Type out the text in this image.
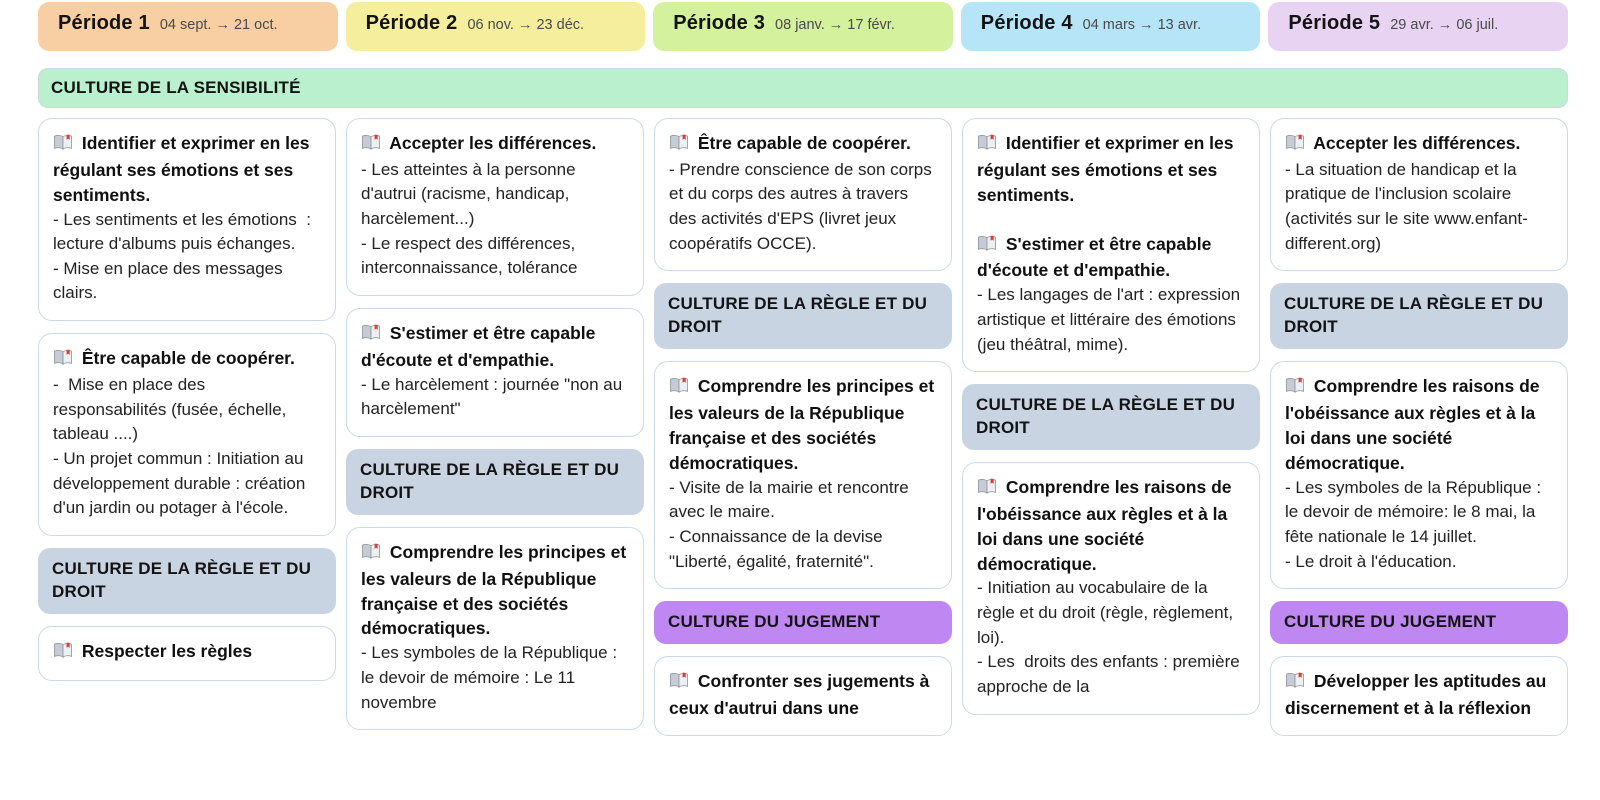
Période 1 04 sept. → 21 oct.	Période 2 06 nov. → 23 déc.	Période 3 08 janv. → 17 févr.	Période 4 04 mars → 13 avr.	Période 5 29 avr. → 06 juil.
CULTURE DE LA SENSIBILITÉ
Identifier et exprimer en les régulant ses émotions et ses sentiments.

- Les sentiments et les émotions  : lecture d'albums puis échanges.

- Mise en place des messages clairs.

Être capable de coopérer.

-  Mise en place des responsabilités (fusée, échelle, tableau ....)

- Un projet commun : Initiation au développement durable : création d'un jardin ou potager à l'école.

CULTURE DE LA RÈGLE ET DU DROIT
Respecter les règles
Accepter les différences.

- Les atteintes à la personne d'autrui (racisme, handicap, harcèlement...)

- Le respect des différences, interconnaissance, tolérance

S'estimer et être capable d'écoute et d'empathie.

- Le harcèlement : journée "non au harcèlement"

CULTURE DE LA RÈGLE ET DU DROIT
Comprendre les principes et les valeurs de la République française et des sociétés démocratiques.

- Les symboles de la République :  le devoir de mémoire : Le 11 novembre

Être capable de coopérer.

- Prendre conscience de son corps et du corps des autres à travers des activités d'EPS (livret jeux coopératifs OCCE).

CULTURE DE LA RÈGLE ET DU DROIT
Comprendre les principes et les valeurs de la République française et des sociétés démocratiques.

- Visite de la mairie et rencontre avec le maire.

- Connaissance de la devise "Liberté, égalité, fraternité".

CULTURE DU JUGEMENT
Confronter ses jugements à ceux d'autrui dans une
Identifier et exprimer en les régulant ses émotions et ses sentiments.
S'estimer et être capable d'écoute et d'empathie.

- Les langages de l'art : expression artistique et littéraire des émotions (jeu théâtral, mime).

CULTURE DE LA RÈGLE ET DU DROIT
Comprendre les raisons de l'obéissance aux règles et à la loi dans une société démocratique.

- Initiation au vocabulaire de la règle et du droit (règle, règlement, loi).

- Les  droits des enfants : première approche de la

Accepter les différences.

- La situation de handicap et la pratique de l'inclusion scolaire (activités sur le site www.enfant-different.org)

CULTURE DE LA RÈGLE ET DU DROIT
Comprendre les raisons de l'obéissance aux règles et à la loi dans une société démocratique.

- Les symboles de la République :  le devoir de mémoire: le 8 mai, la fête nationale le 14 juillet.

- Le droit à l'éducation.

CULTURE DU JUGEMENT
Développer les aptitudes au discernement et à la réflexion
